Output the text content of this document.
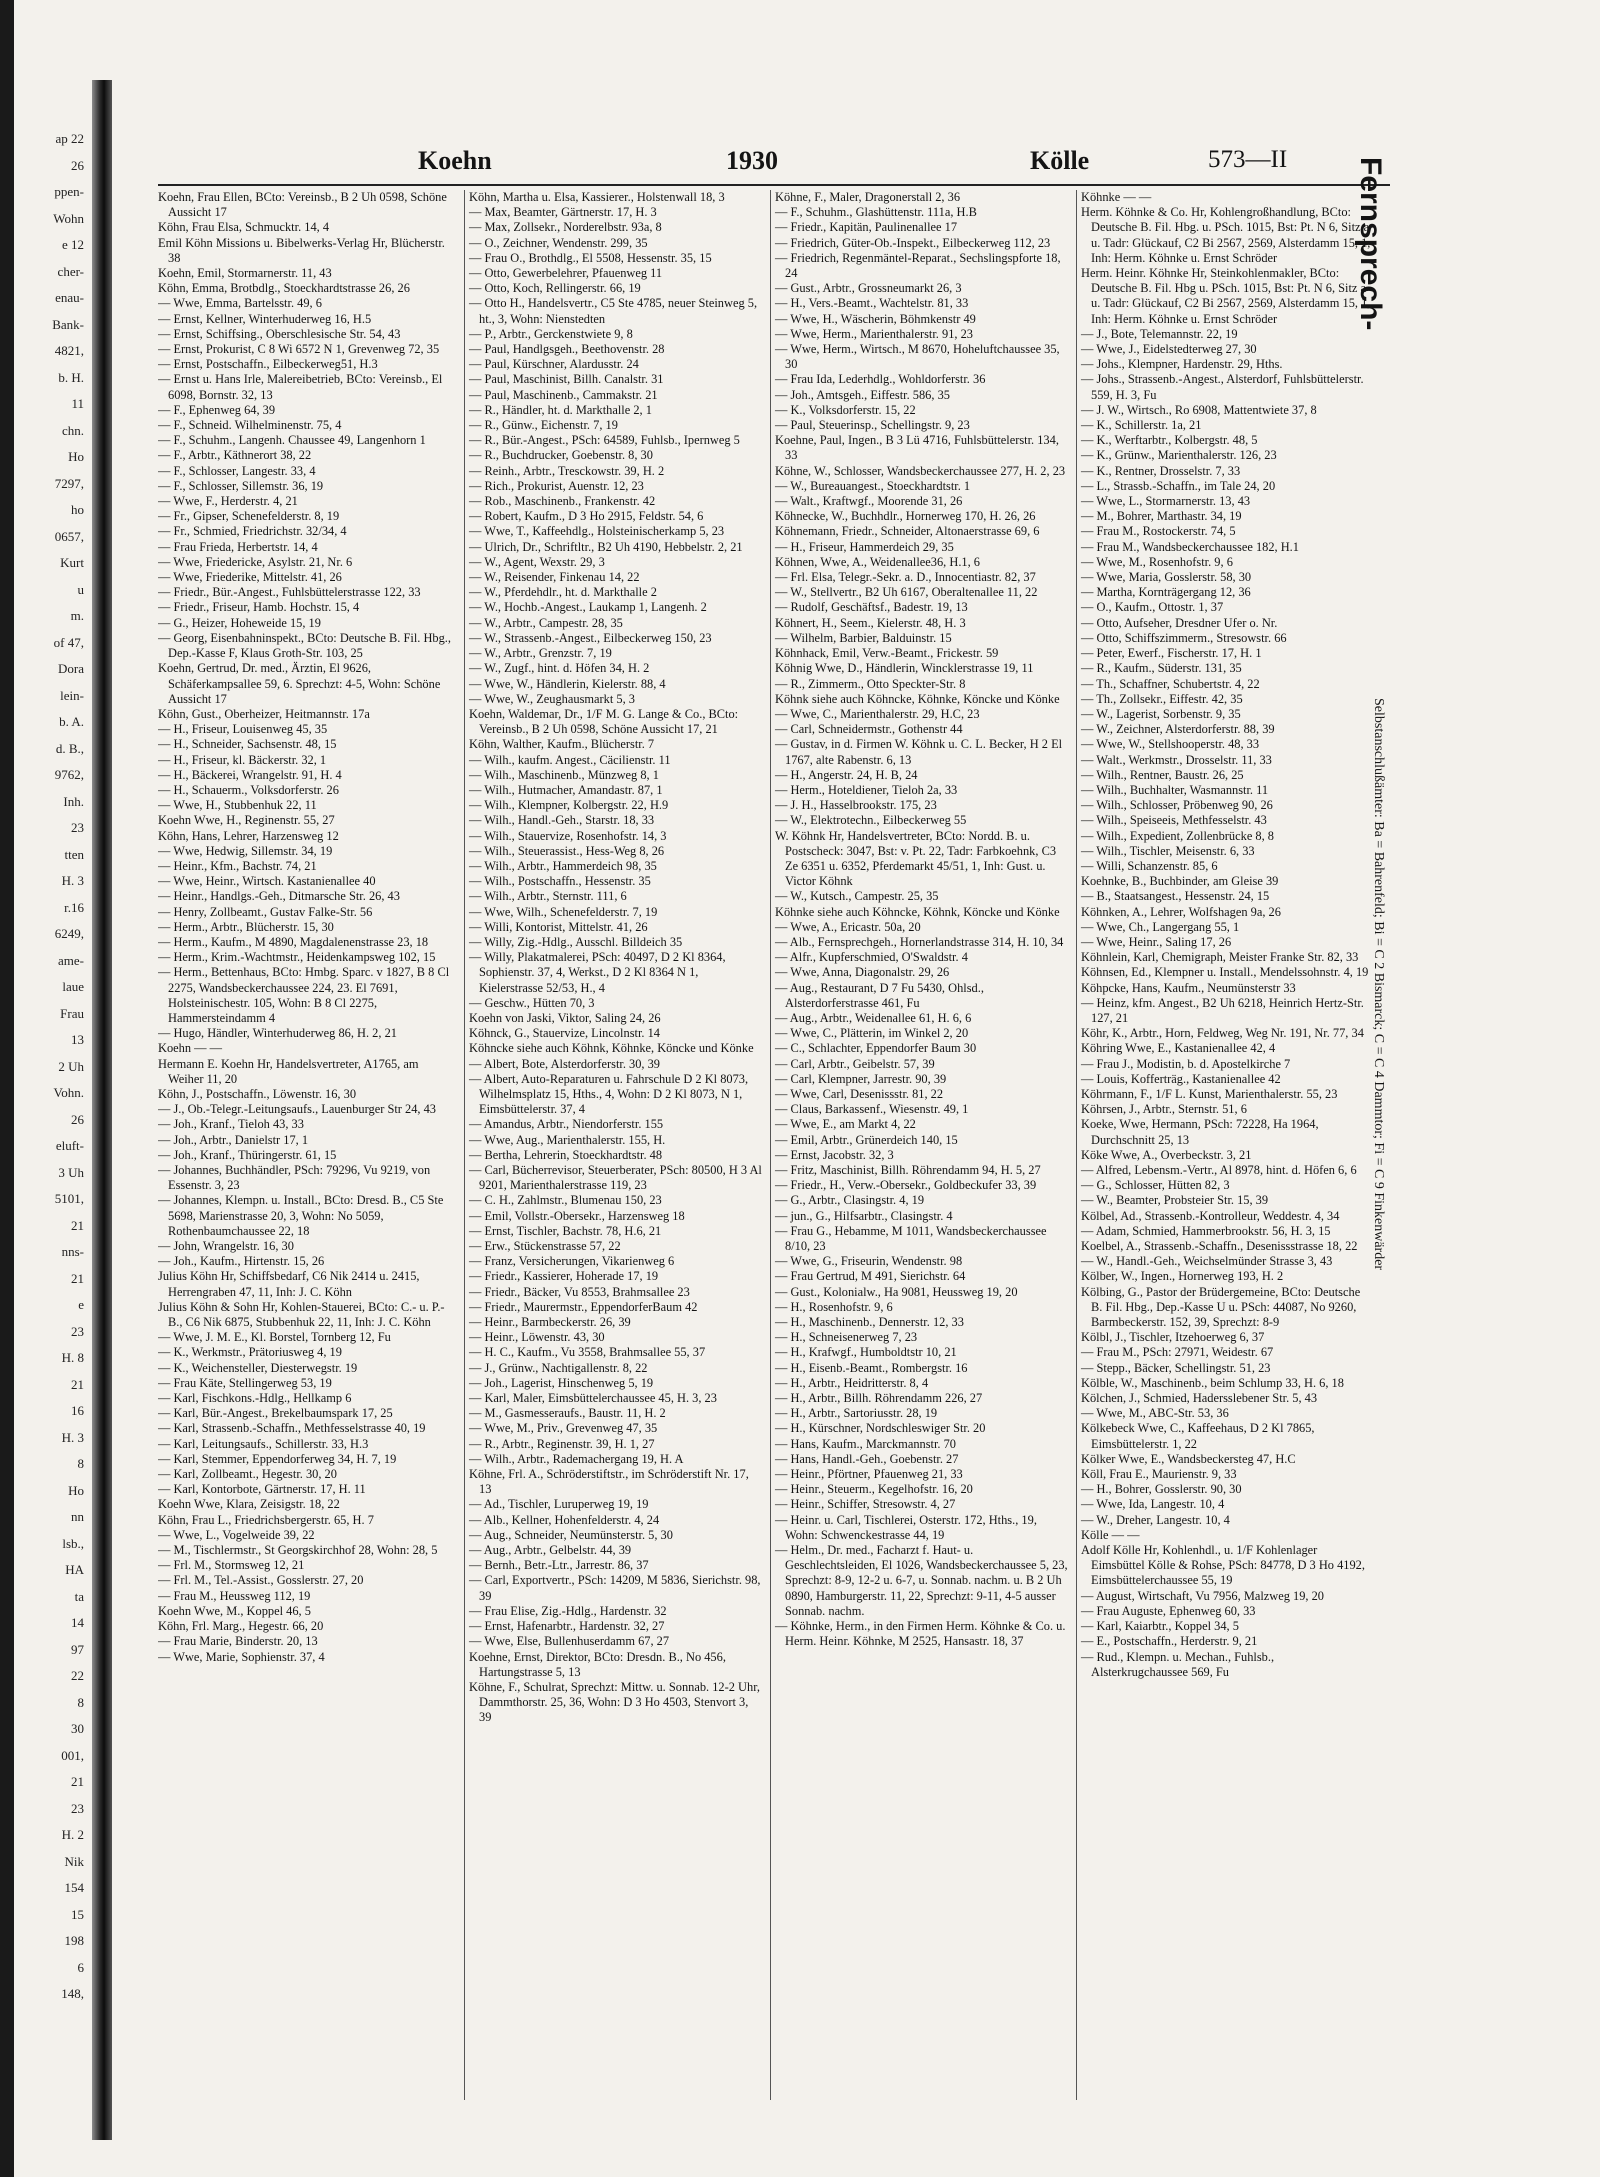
ap 22
26
ppen-
Wohn
e 12
cher-
enau-
Bank-
4821,
b. H.
11
chn.
Ho
7297,
ho
0657,
Kurt
u
m.
of 47,
Dora
lein-
b. A.
d. B.,
9762,
Inh.
23
tten
H. 3
r.16
6249,
ame-
laue
Frau
13
2 Uh
Vohn.
26
eluft-
3 Uh
5101,
21
nns-
21
e
23
H. 8
21
16
H. 3
8
Ho
nn
lsb.,
HA
ta
14
97
22
8
30
001,
21
23
H. 2
Nik
154
15
198
6
148,
Koehn	1930	Kölle	573—II

Koehn, Frau Ellen, BCto: Vereinsb., B 2 Uh 0598, Schöne Aussicht 17

Köhn, Frau Elsa, Schmucktr. 14, 4

Emil Köhn Missions u. Bibelwerks-Verlag Hr, Blücherstr. 38

Koehn, Emil, Stormarnerstr. 11, 43

Köhn, Emma, Brotbdlg., Stoeckhardtstrasse 26, 26

— Wwe, Emma, Bartelsstr. 49, 6

— Ernst, Kellner, Winterhuderweg 16, H.5

— Ernst, Schiffsing., Oberschlesische Str. 54, 43

— Ernst, Prokurist, C 8 Wi 6572 N 1, Grevenweg 72, 35

— Ernst, Postschaffn., Eilbeckerweg51, H.3

— Ernst u. Hans Irle, Malereibetrieb, BCto: Vereinsb., El 6098, Bornstr. 32, 13

— F., Ephenweg 64, 39

— F., Schneid. Wilhelminenstr. 75, 4

— F., Schuhm., Langenh. Chaussee 49, Langenhorn 1

— F., Arbtr., Käthnerort 38, 22

— F., Schlosser, Langestr. 33, 4

— F., Schlosser, Sillemstr. 36, 19

— Wwe, F., Herderstr. 4, 21

— Fr., Gipser, Schenefelderstr. 8, 19

— Fr., Schmied, Friedrichstr. 32/34, 4

— Frau Frieda, Herbertstr. 14, 4

— Wwe, Friedericke, Asylstr. 21, Nr. 6

— Wwe, Friederike, Mittelstr. 41, 26

— Friedr., Bür.-Angest., Fuhlsbüttelerstrasse 122, 33

— Friedr., Friseur, Hamb. Hochstr. 15, 4

— G., Heizer, Hoheweide 15, 19

— Georg, Eisenbahninspekt., BCto: Deutsche B. Fil. Hbg., Dep.-Kasse F, Klaus Groth-Str. 103, 25

Koehn, Gertrud, Dr. med., Ärztin, El 9626, Schäferkampsallee 59, 6. Sprechzt: 4-5, Wohn: Schöne Aussicht 17

Köhn, Gust., Oberheizer, Heitmannstr. 17a

— H., Friseur, Louisenweg 45, 35

— H., Schneider, Sachsenstr. 48, 15

— H., Friseur, kl. Bäckerstr. 32, 1

— H., Bäckerei, Wrangelstr. 91, H. 4

— H., Schauerm., Volksdorferstr. 26

— Wwe, H., Stubbenhuk 22, 11

Koehn Wwe, H., Reginenstr. 55, 27

Köhn, Hans, Lehrer, Harzensweg 12

— Wwe, Hedwig, Sillemstr. 34, 19

— Heinr., Kfm., Bachstr. 74, 21

— Wwe, Heinr., Wirtsch. Kastanienallee 40

— Heinr., Handlgs.-Geh., Ditmarsche Str. 26, 43

— Henry, Zollbeamt., Gustav Falke-Str. 56

— Herm., Arbtr., Blücherstr. 15, 30

— Herm., Kaufm., M 4890, Magdalenenstrasse 23, 18

— Herm., Krim.-Wachtmstr., Heidenkampsweg 102, 15

— Herm., Bettenhaus, BCto: Hmbg. Sparc. v 1827, B 8 Cl 2275, Wandsbeckerchaussee 224, 23. El 7691, Holsteinischestr. 105, Wohn: B 8 Cl 2275, Hammersteindamm 4

— Hugo, Händler, Winterhuderweg 86, H. 2, 21

Koehn — —

Hermann E. Koehn Hr, Handelsvertreter, A1765, am Weiher 11, 20

Köhn, J., Postschaffn., Löwenstr. 16, 30

— J., Ob.-Telegr.-Leitungsaufs., Lauenburger Str 24, 43

— Joh., Kranf., Tieloh 43, 33

— Joh., Arbtr., Danielstr 17, 1

— Joh., Kranf., Thüringerstr. 61, 15

— Johannes, Buchhändler, PSch: 79296, Vu 9219, von Essenstr. 3, 23

— Johannes, Klempn. u. Install., BCto: Dresd. B., C5 Ste 5698, Marienstrasse 20, 3, Wohn: No 5059, Rothenbaumchaussee 22, 18

— John, Wrangelstr. 16, 30

— Joh., Kaufm., Hirtenstr. 15, 26

Julius Köhn Hr, Schiffsbedarf, C6 Nik 2414 u. 2415, Herrengraben 47, 11, Inh: J. C. Köhn

Julius Köhn & Sohn Hr, Kohlen-Stauerei, BCto: C.- u. P.-B., C6 Nik 6875, Stubbenhuk 22, 11, Inh: J. C. Köhn

— Wwe, J. M. E., Kl. Borstel, Tornberg 12, Fu

— K., Werkmstr., Prätoriusweg 4, 19

— K., Weichensteller, Diesterwegstr. 19

— Frau Käte, Stellingerweg 53, 19

— Karl, Fischkons.-Hdlg., Hellkamp 6

— Karl, Bür.-Angest., Brekelbaumspark 17, 25

— Karl, Strassenb.-Schaffn., Methfesselstrasse 40, 19

— Karl, Leitungsaufs., Schillerstr. 33, H.3

— Karl, Stemmer, Eppendorferweg 34, H. 7, 19

— Karl, Zollbeamt., Hegestr. 30, 20

— Karl, Kontorbote, Gärtnerstr. 17, H. 11

Koehn Wwe, Klara, Zeisigstr. 18, 22

Köhn, Frau L., Friedrichsbergerstr. 65, H. 7

— Wwe, L., Vogelweide 39, 22

— M., Tischlermstr., St Georgskirchhof 28, Wohn: 28, 5

— Frl. M., Stormsweg 12, 21

— Frl. M., Tel.-Assist., Gosslerstr. 27, 20

— Frau M., Heussweg 112, 19

Koehn Wwe, M., Koppel 46, 5

Köhn, Frl. Marg., Hegestr. 66, 20

— Frau Marie, Binderstr. 20, 13

— Wwe, Marie, Sophienstr. 37, 4

Köhn, Martha u. Elsa, Kassierer., Holstenwall 18, 3

— Max, Beamter, Gärtnerstr. 17, H. 3

— Max, Zollsekr., Norderelbstr. 93a, 8

— O., Zeichner, Wendenstr. 299, 35

— Frau O., Brothdlg., El 5508, Hessenstr. 35, 15

— Otto, Gewerbelehrer, Pfauenweg 11

— Otto, Koch, Rellingerstr. 66, 19

— Otto H., Handelsvertr., C5 Ste 4785, neuer Steinweg 5, ht., 3, Wohn: Nienstedten

— P., Arbtr., Gerckenstwiete 9, 8

— Paul, Handlgsgeh., Beethovenstr. 28

— Paul, Kürschner, Alardusstr. 24

— Paul, Maschinist, Billh. Canalstr. 31

— Paul, Maschinenb., Cammakstr. 21

— R., Händler, ht. d. Markthalle 2, 1

— R., Günw., Eichenstr. 7, 19

— R., Bür.-Angest., PSch: 64589, Fuhlsb., Ipernweg 5

— R., Buchdrucker, Goebenstr. 8, 30

— Reinh., Arbtr., Tresckowstr. 39, H. 2

— Rich., Prokurist, Auenstr. 12, 23

— Rob., Maschinenb., Frankenstr. 42

— Robert, Kaufm., D 3 Ho 2915, Feldstr. 54, 6

— Wwe, T., Kaffeehdlg., Holsteinischerkamp 5, 23

— Ulrich, Dr., Schriftltr., B2 Uh 4190, Hebbelstr. 2, 21

— W., Agent, Wexstr. 29, 3

— W., Reisender, Finkenau 14, 22

— W., Pferdehdlr., ht. d. Markthalle 2

— W., Hochb.-Angest., Laukamp 1, Langenh. 2

— W., Arbtr., Campestr. 28, 35

— W., Strassenb.-Angest., Eilbeckerweg 150, 23

— W., Arbtr., Grenzstr. 7, 19

— W., Zugf., hint. d. Höfen 34, H. 2

— Wwe, W., Händlerin, Kielerstr. 88, 4

— Wwe, W., Zeughausmarkt 5, 3

Koehn, Waldemar, Dr., 1/F M. G. Lange & Co., BCto: Vereinsb., B 2 Uh 0598, Schöne Aussicht 17, 21

Köhn, Walther, Kaufm., Blücherstr. 7

— Wilh., kaufm. Angest., Cäcilienstr. 11

— Wilh., Maschinenb., Münzweg 8, 1

— Wilh., Hutmacher, Amandastr. 87, 1

— Wilh., Klempner, Kolbergstr. 22, H.9

— Wilh., Handl.-Geh., Starstr. 18, 33

— Wilh., Stauervize, Rosenhofstr. 14, 3

— Wilh., Steuerassist., Hess-Weg 8, 26

— Wilh., Arbtr., Hammerdeich 98, 35

— Wilh., Postschaffn., Hessenstr. 35

— Wilh., Arbtr., Sternstr. 111, 6

— Wwe, Wilh., Schenefelderstr. 7, 19

— Willi, Kontorist, Mittelstr. 41, 26

— Willy, Zig.-Hdlg., Ausschl. Billdeich 35

— Willy, Plakatmalerei, PSch: 40497, D 2 Kl 8364, Sophienstr. 37, 4, Werkst., D 2 Kl 8364 N 1, Kielerstrasse 52/53, H., 4

— Geschw., Hütten 70, 3

Koehn von Jaski, Viktor, Saling 24, 26

Köhnck, G., Stauervize, Lincolnstr. 14

Köhncke siehe auch Köhnk, Köhnke, Köncke und Könke

— Albert, Bote, Alsterdorferstr. 30, 39

— Albert, Auto-Reparaturen u. Fahrschule D 2 Kl 8073, Wilhelmsplatz 15, Hths., 4, Wohn: D 2 Kl 8073, N 1, Eimsbüttelerstr. 37, 4

— Amandus, Arbtr., Niendorferstr. 155

— Wwe, Aug., Marienthalerstr. 155, H.

— Bertha, Lehrerin, Stoeckhardtstr. 48

— Carl, Bücherrevisor, Steuerberater, PSch: 80500, H 3 Al 9201, Marienthalerstrasse 119, 23

— C. H., Zahlmstr., Blumenau 150, 23

— Emil, Vollstr.-Obersekr., Harzensweg 18

— Ernst, Tischler, Bachstr. 78, H.6, 21

— Erw., Stückenstrasse 57, 22

— Franz, Versicherungen, Vikarienweg 6

— Friedr., Kassierer, Hoherade 17, 19

— Friedr., Bäcker, Vu 8553, Brahmsallee 23

— Friedr., Maurermstr., EppendorferBaum 42

— Heinr., Barmbeckerstr. 26, 39

— Heinr., Löwenstr. 43, 30

— H. C., Kaufm., Vu 3558, Brahmsallee 55, 37

— J., Grünw., Nachtigallenstr. 8, 22

— Joh., Lagerist, Hinschenweg 5, 19

— Karl, Maler, Eimsbüttelerchaussee 45, H. 3, 23

— M., Gasmesseraufs., Baustr. 11, H. 2

— Wwe, M., Priv., Grevenweg 47, 35

— R., Arbtr., Reginenstr. 39, H. 1, 27

— Wilh., Arbtr., Rademachergang 19, H. A

Köhne, Frl. A., Schröderstiftstr., im Schröderstift Nr. 17, 13

— Ad., Tischler, Luruperweg 19, 19

— Alb., Kellner, Hohenfelderstr. 4, 24

— Aug., Schneider, Neumünsterstr. 5, 30

— Aug., Arbtr., Gelbelstr. 44, 39

— Bernh., Betr.-Ltr., Jarrestr. 86, 37

— Carl, Exportvertr., PSch: 14209, M 5836, Sierichstr. 98, 39

— Frau Elise, Zig.-Hdlg., Hardenstr. 32

— Ernst, Hafenarbtr., Hardenstr. 32, 27

— Wwe, Else, Bullenhuserdamm 67, 27

Koehne, Ernst, Direktor, BCto: Dresdn. B., No 456, Hartungstrasse 5, 13

Köhne, F., Schulrat, Sprechzt: Mittw. u. Sonnab. 12-2 Uhr, Dammthorstr. 25, 36, Wohn: D 3 Ho 4503, Stenvort 3, 39

Köhne, F., Maler, Dragonerstall 2, 36

— F., Schuhm., Glashüttenstr. 111a, H.B

— Friedr., Kapitän, Paulinenallee 17

— Friedrich, Güter-Ob.-Inspekt., Eilbeckerweg 112, 23

— Friedrich, Regenmäntel-Reparat., Sechslingspforte 18, 24

— Gust., Arbtr., Grossneumarkt 26, 3

— H., Vers.-Beamt., Wachtelstr. 81, 33

— Wwe, H., Wäscherin, Böhmkenstr 49

— Wwe, Herm., Marienthalerstr. 91, 23

— Wwe, Herm., Wirtsch., M 8670, Hoheluftchaussee 35, 30

— Frau Ida, Lederhdlg., Wohldorferstr. 36

— Joh., Amtsgeh., Eiffestr. 586, 35

— K., Volksdorferstr. 15, 22

— Paul, Steuerinsp., Schellingstr. 9, 23

Koehne, Paul, Ingen., B 3 Lü 4716, Fuhlsbüttelerstr. 134, 33

Köhne, W., Schlosser, Wandsbeckerchaussee 277, H. 2, 23

— W., Bureauangest., Stoeckhardtstr. 1

— Walt., Kraftwgf., Moorende 31, 26

Köhnecke, W., Buchhdlr., Hornerweg 170, H. 26, 26

Köhnemann, Friedr., Schneider, Altonaerstrasse 69, 6

— H., Friseur, Hammerdeich 29, 35

Köhnen, Wwe, A., Weidenallee36, H.1, 6

— Frl. Elsa, Telegr.-Sekr. a. D., Innocentiastr. 82, 37

— W., Stellvertr., B2 Uh 6167, Oberaltenallee 11, 22

— Rudolf, Geschäftsf., Badestr. 19, 13

Köhnert, H., Seem., Kielerstr. 48, H. 3

— Wilhelm, Barbier, Balduinstr. 15

Köhnhack, Emil, Verw.-Beamt., Frickestr. 59

Köhnig Wwe, D., Händlerin, Wincklerstrasse 19, 11

— R., Zimmerm., Otto Speckter-Str. 8

Köhnk siehe auch Köhncke, Köhnke, Köncke und Könke

— Wwe, C., Marienthalerstr. 29, H.C, 23

— Carl, Schneidermstr., Gothenstr 44

— Gustav, in d. Firmen W. Köhnk u. C. L. Becker, H 2 El 1767, alte Rabenstr. 6, 13

— H., Angerstr. 24, H. B, 24

— Herm., Hoteldiener, Tieloh 2a, 33

— J. H., Hasselbrookstr. 175, 23

— W., Elektrotechn., Eilbeckerweg 55

W. Köhnk Hr, Handelsvertreter, BCto: Nordd. B. u. Postscheck: 3047, Bst: v. Pt. 22, Tadr: Farbkoehnk, C3 Ze 6351 u. 6352, Pferdemarkt 45/51, 1, Inh: Gust. u. Victor Köhnk

— W., Kutsch., Campestr. 25, 35

Köhnke siehe auch Köhncke, Köhnk, Köncke und Könke

— Wwe, A., Ericastr. 50a, 20

— Alb., Fernsprechgeh., Hornerlandstrasse 314, H. 10, 34

— Alfr., Kupferschmied, O'Swaldstr. 4

— Wwe, Anna, Diagonalstr. 29, 26

— Aug., Restaurant, D 7 Fu 5430, Ohlsd., Alsterdorferstrasse 461, Fu

— Aug., Arbtr., Weidenallee 61, H. 6, 6

— Wwe, C., Plätterin, im Winkel 2, 20

— C., Schlachter, Eppendorfer Baum 30

— Carl, Arbtr., Geibelstr. 57, 39

— Carl, Klempner, Jarrestr. 90, 39

— Wwe, Carl, Desenissstr. 81, 22

— Claus, Barkassenf., Wiesenstr. 49, 1

— Wwe, E., am Markt 4, 22

— Emil, Arbtr., Grünerdeich 140, 15

— Ernst, Jacobstr. 32, 3

— Fritz, Maschinist, Billh. Röhrendamm 94, H. 5, 27

— Friedr., H., Verw.-Obersekr., Goldbeckufer 33, 39

— G., Arbtr., Clasingstr. 4, 19

— jun., G., Hilfsarbtr., Clasingstr. 4

— Frau G., Hebamme, M 1011, Wandsbeckerchaussee 8/10, 23

— Wwe, G., Friseurin, Wendenstr. 98

— Frau Gertrud, M 491, Sierichstr. 64

— Gust., Kolonialw., Ha 9081, Heussweg 19, 20

— H., Rosenhofstr. 9, 6

— H., Maschinenb., Dennerstr. 12, 33

— H., Schneisenerweg 7, 23

— H., Krafwgf., Humboldtstr 10, 21

— H., Eisenb.-Beamt., Rombergstr. 16

— H., Arbtr., Heidritterstr. 8, 4

— H., Arbtr., Billh. Röhrendamm 226, 27

— H., Arbtr., Sartoriusstr. 28, 19

— H., Kürschner, Nordschleswiger Str. 20

— Hans, Kaufm., Marckmannstr. 70

— Hans, Handl.-Geh., Goebenstr. 27

— Heinr., Pförtner, Pfauenweg 21, 33

— Heinr., Steuerm., Kegelhofstr. 16, 20

— Heinr., Schiffer, Stresowstr. 4, 27

— Heinr. u. Carl, Tischlerei, Osterstr. 172, Hths., 19, Wohn: Schwenckestrasse 44, 19

— Helm., Dr. med., Facharzt f. Haut- u. Geschlechtsleiden, El 1026, Wandsbeckerchaussee 5, 23, Sprechzt: 8-9, 12-2 u. 6-7, u. Sonnab. nachm. u. B 2 Uh 0890, Hamburgerstr. 11, 22, Sprechzt: 9-11, 4-5 ausser Sonnab. nachm.

— Köhnke, Herm., in den Firmen Herm. Köhnke & Co. u. Herm. Heinr. Köhnke, M 2525, Hansastr. 18, 37

Köhnke — —

Herm. Köhnke & Co. Hr, Kohlengroßhandlung, BCto: Deutsche B. Fil. Hbg. u. PSch. 1015, Bst: Pt. N 6, Sitz a u. Tadr: Glückauf, C2 Bi 2567, 2569, Alsterdamm 15, 1, Inh: Herm. Köhnke u. Ernst Schröder

Herm. Heinr. Köhnke Hr, Steinkohlenmakler, BCto: Deutsche B. Fil. Hbg u. PSch. 1015, Bst: Pt. N 6, Sitz a u. Tadr: Glückauf, C2 Bi 2567, 2569, Alsterdamm 15, 1, Inh: Herm. Köhnke u. Ernst Schröder

— J., Bote, Telemannstr. 22, 19

— Wwe, J., Eidelstedterweg 27, 30

— Johs., Klempner, Hardenstr. 29, Hths.

— Johs., Strassenb.-Angest., Alsterdorf, Fuhlsbüttelerstr. 559, H. 3, Fu

— J. W., Wirtsch., Ro 6908, Mattentwiete 37, 8

— K., Schillerstr. 1a, 21

— K., Werftarbtr., Kolbergstr. 48, 5

— K., Grünw., Marienthalerstr. 126, 23

— K., Rentner, Drosselstr. 7, 33

— L., Strassb.-Schaffn., im Tale 24, 20

— Wwe, L., Stormarnerstr. 13, 43

— M., Bohrer, Marthastr. 34, 19

— Frau M., Rostockerstr. 74, 5

— Frau M., Wandsbeckerchaussee 182, H.1

— Wwe, M., Rosenhofstr. 9, 6

— Wwe, Maria, Gosslerstr. 58, 30

— Martha, Kornträgergang 12, 36

— O., Kaufm., Ottostr. 1, 37

— Otto, Aufseher, Dresdner Ufer o. Nr.

— Otto, Schiffszimmerm., Stresowstr. 66

— Peter, Ewerf., Fischerstr. 17, H. 1

— R., Kaufm., Süderstr. 131, 35

— Th., Schaffner, Schubertstr. 4, 22

— Th., Zollsekr., Eiffestr. 42, 35

— W., Lagerist, Sorbenstr. 9, 35

— W., Zeichner, Alsterdorferstr. 88, 39

— Wwe, W., Stellshooperstr. 48, 33

— Walt., Werkmstr., Drosselstr. 11, 33

— Wilh., Rentner, Baustr. 26, 25

— Wilh., Buchhalter, Wasmannstr. 11

— Wilh., Schlosser, Pröbenweg 90, 26

— Wilh., Speiseeis, Methfesselstr. 43

— Wilh., Expedient, Zollenbrücke 8, 8

— Wilh., Tischler, Meisenstr. 6, 33

— Willi, Schanzenstr. 85, 6

Koehnke, B., Buchbinder, am Gleise 39

— B., Staatsangest., Hessenstr. 24, 15

Köhnken, A., Lehrer, Wolfshagen 9a, 26

— Wwe, Ch., Langergang 55, 1

— Wwe, Heinr., Saling 17, 26

Köhnlein, Karl, Chemigraph, Meister Franke Str. 82, 33

Köhnsen, Ed., Klempner u. Install., Mendelssohnstr. 4, 19

Köhpcke, Hans, Kaufm., Neumünsterstr 33

— Heinz, kfm. Angest., B2 Uh 6218, Heinrich Hertz-Str. 127, 21

Köhr, K., Arbtr., Horn, Feldweg, Weg Nr. 191, Nr. 77, 34

Köhring Wwe, E., Kastanienallee 42, 4

— Frau J., Modistin, b. d. Apostelkirche 7

— Louis, Kofferträg., Kastanienallee 42

Köhrmann, F., 1/F L. Kunst, Marienthalerstr. 55, 23

Köhrsen, J., Arbtr., Sternstr. 51, 6

Koeke, Wwe, Hermann, PSch: 72228, Ha 1964, Durchschnitt 25, 13

Köke Wwe, A., Overbeckstr. 3, 21

— Alfred, Lebensm.-Vertr., Al 8978, hint. d. Höfen 6, 6

— G., Schlosser, Hütten 82, 3

— W., Beamter, Probsteier Str. 15, 39

Kölbel, Ad., Strassenb.-Kontrolleur, Weddestr. 4, 34

— Adam, Schmied, Hammerbrookstr. 56, H. 3, 15

Koelbel, A., Strassenb.-Schaffn., Desenissstrasse 18, 22

— W., Handl.-Geh., Weichselmünder Strasse 3, 43

Kölber, W., Ingen., Hornerweg 193, H. 2

Kölbing, G., Pastor der Brüdergemeine, BCto: Deutsche B. Fil. Hbg., Dep.-Kasse U u. PSch: 44087, No 9260, Barmbeckerstr. 152, 39, Sprechzt: 8-9

Kölbl, J., Tischler, Itzehoerweg 6, 37

— Frau M., PSch: 27971, Weidestr. 67

— Stepp., Bäcker, Schellingstr. 51, 23

Kölble, W., Maschinenb., beim Schlump 33, H. 6, 18

Kölchen, J., Schmied, Hadersslebener Str. 5, 43

— Wwe, M., ABC-Str. 53, 36

Kölkebeck Wwe, C., Kaffeehaus, D 2 Kl 7865, Eimsbüttelerstr. 1, 22

Kölker Wwe, E., Wandsbeckersteg 47, H.C

Köll, Frau E., Maurienstr. 9, 33

— H., Bohrer, Gosslerstr. 90, 30

— Wwe, Ida, Langestr. 10, 4

— W., Dreher, Langestr. 10, 4

Kölle — —

Adolf Kölle Hr, Kohlenhdl., u. 1/F Kohlenlager Eimsbüttel Kölle & Rohse, PSch: 84778, D 3 Ho 4192, Eimsbüttelerchaussee 55, 19

— August, Wirtschaft, Vu 7956, Malzweg 19, 20

— Frau Auguste, Ephenweg 60, 33

— Karl, Kaiarbtr., Koppel 34, 5

— E., Postschaffn., Herderstr. 9, 21

— Rud., Klempn. u. Mechan., Fuhlsb., Alsterkrugchaussee 569, Fu

Fernsprech-
Selbstanschlußämter: Ba = Bahrenfeld; Bi = C 2 Bismarck; C = C 4 Dammtor; Fi = C 9 Finkenwärder
